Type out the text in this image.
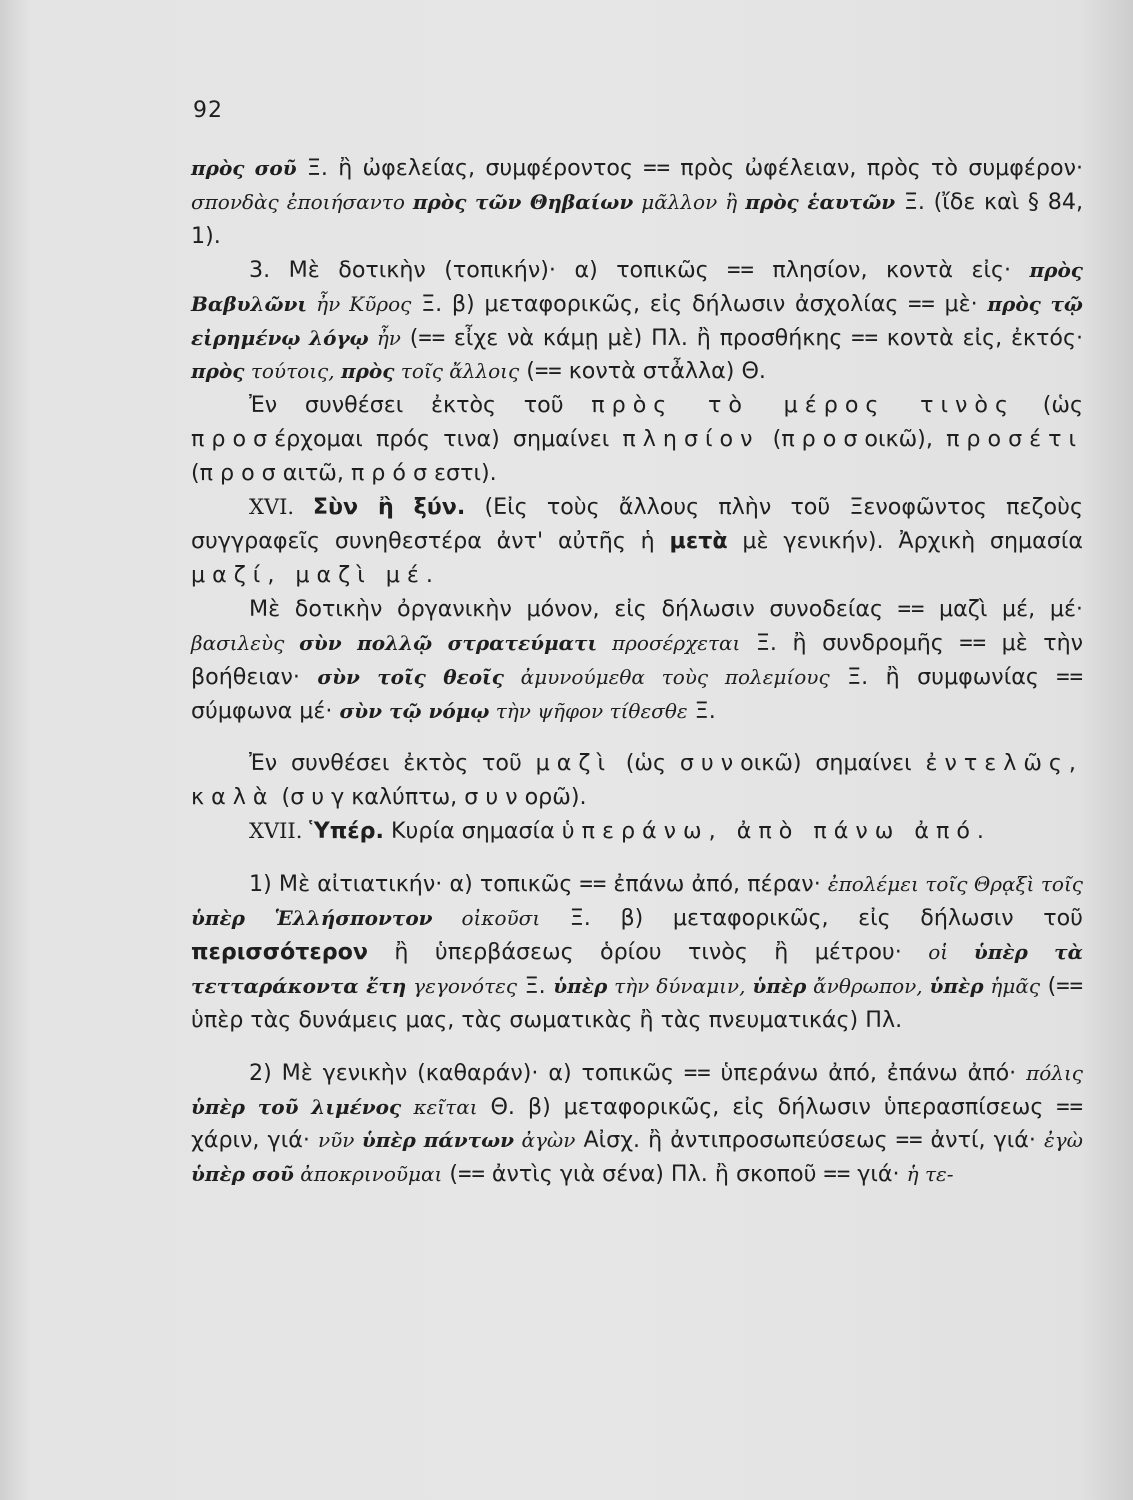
92

πρὸς σοῦ Ξ. ἢ ὠφελείας, συμφέροντος == πρὸς ὠφέλειαν, πρὸς τὸ συμφέρον· σπονδὰς ἐποιήσαντο πρὸς τῶν Θηβαίων μᾶλλον ἢ πρὸς ἑαυτῶν Ξ. (ἴδε καὶ § 84, 1).

3. Μὲ δοτικὴν (τοπικήν)· α) τοπικῶς == πλησίον, κοντὰ εἰς· πρὸς Βαβυλῶνι ἦν Κῦρος Ξ. β) μεταφορικῶς, εἰς δήλωσιν ἀσχολίας == μὲ· πρὸς τῷ εἰρημένῳ λόγῳ ἦν (== εἶχε νὰ κάμῃ μὲ) Πλ. ἢ προσθήκης == κοντὰ εἰς, ἐκτός· πρὸς τούτοις, πρὸς τοῖς ἄλλοις (== κοντὰ στἆλλα) Θ.

Ἐν συνθέσει ἐκτὸς τοῦ πρὸς τὸ μέρος τινὸς (ὡς προσέρχομαι πρός τινα) σημαίνει πλησίον (προσοικῶ), προσέτι (προσαιτῶ, πρόσεστι).

XVI. Σὺν ἢ ξύν. (Εἰς τοὺς ἄλλους πλὴν τοῦ Ξενοφῶντος πεζοὺς συγγραφεῖς συνηθεστέρα ἀντ' αὐτῆς ἡ μετὰ μὲ γενικήν). Ἀρχικὴ σημασία μαζί, μαζὶ μέ.

Μὲ δοτικὴν ὀργανικὴν μόνον, εἰς δήλωσιν συνοδείας == μαζὶ μέ, μέ· βασιλεὺς σὺν πολλῷ στρατεύματι προσέρχεται Ξ. ἢ συνδρομῆς == μὲ τὴν βοήθειαν· σὺν τοῖς θεοῖς ἀμυνούμεθα τοὺς πολεμίους Ξ. ἢ συμφωνίας == σύμφωνα μέ· σὺν τῷ νόμῳ τὴν ψῆφον τίθεσθε Ξ.

Ἐν συνθέσει ἐκτὸς τοῦ μαζὶ (ὡς συνοικῶ) σημαίνει ἐντελῶς, καλὰ (συγκαλύπτω, συνορῶ).

XVII. Ὑπέρ. Κυρία σημασία ὑπεράνω, ἀπὸ πάνω ἀπό.

1) Μὲ αἰτιατικήν· α) τοπικῶς == ἐπάνω ἀπό, πέραν· ἐπολέμει τοῖς Θρᾳξὶ τοῖς ὑπὲρ Ἑλλήσποντον οἰκοῦσι Ξ. β) μεταφορικῶς, εἰς δήλωσιν τοῦ περισσότερον ἢ ὑπερβάσεως ὁρίου τινὸς ἢ μέτρου· οἱ ὑπὲρ τὰ τετταράκοντα ἔτη γεγονότες Ξ. ὑπὲρ τὴν δύναμιν, ὑπὲρ ἄνθρωπον, ὑπὲρ ἡμᾶς (== ὑπὲρ τὰς δυνάμεις μας, τὰς σωματικὰς ἢ τὰς πνευματικάς) Πλ.

2) Μὲ γενικὴν (καθαράν)· α) τοπικῶς == ὑπεράνω ἀπό, ἐπάνω ἀπό· πόλις ὑπὲρ τοῦ λιμένος κεῖται Θ. β) μεταφορικῶς, εἰς δήλωσιν ὑπερασπίσεως == χάριν, γιά· νῦν ὑπὲρ πάντων ἀγὼν Αἰσχ. ἢ ἀντιπροσωπεύσεως == ἀντί, γιά· ἐγὼ ὑπὲρ σοῦ ἀποκρινοῦμαι (== ἀντὶς γιὰ σένα) Πλ. ἢ σκοποῦ == γιά· ἡ τε-
